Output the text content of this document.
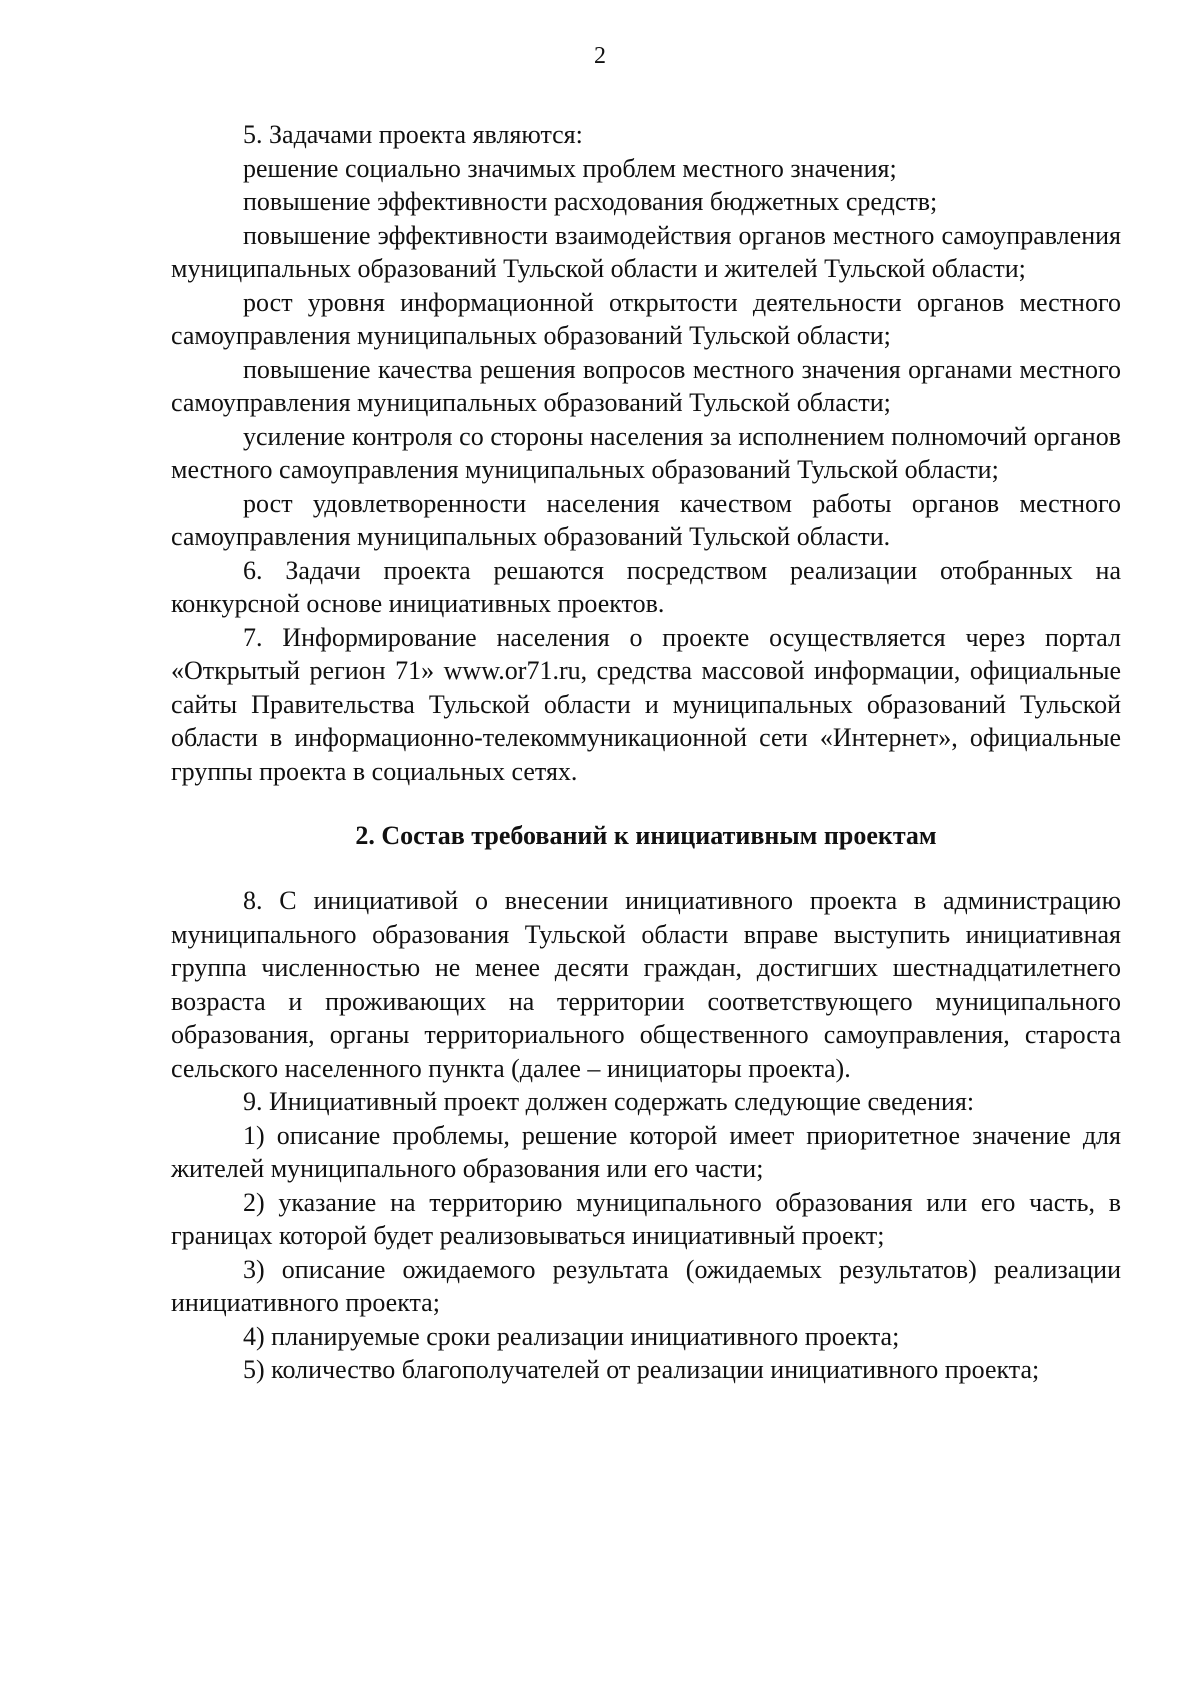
2

5. Задачами проекта являются:

решение социально значимых проблем местного значения;

повышение эффективности расходования бюджетных средств;

повышение эффективности взаимодействия органов местного самоуправления муниципальных образований Тульской области и жителей Тульской области;

рост уровня информационной открытости деятельности органов местного самоуправления муниципальных образований Тульской области;

повышение качества решения вопросов местного значения органами местного самоуправления муниципальных образований Тульской области;

усиление контроля со стороны населения за исполнением полномочий органов местного самоуправления муниципальных образований Тульской области;

рост удовлетворенности населения качеством работы органов местного самоуправления муниципальных образований Тульской области.

6. Задачи проекта решаются посредством реализации отобранных на конкурсной основе инициативных проектов.

7. Информирование населения о проекте осуществляется через портал «Открытый регион 71» www.or71.ru, средства массовой информации, официальные сайты Правительства Тульской области и муниципальных образований Тульской области в информационно-телекоммуникационной сети «Интернет», официальные группы проекта в социальных сетях.

2. Состав требований к инициативным проектам

8. С инициативой о внесении инициативного проекта в администрацию муниципального образования Тульской области вправе выступить инициативная группа численностью не менее десяти граждан, достигших шестнадцатилетнего возраста и проживающих на территории соответствующего муниципального образования, органы территориального общественного самоуправления, староста сельского населенного пункта (далее – инициаторы проекта).

9. Инициативный проект должен содержать следующие сведения:

1) описание проблемы, решение которой имеет приоритетное значение для жителей муниципального образования или его части;

2) указание на территорию муниципального образования или его часть, в границах которой будет реализовываться инициативный проект;

3) описание ожидаемого результата (ожидаемых результатов) реализации инициативного проекта;

4) планируемые сроки реализации инициативного проекта;

5) количество благополучателей от реализации инициативного проекта;
